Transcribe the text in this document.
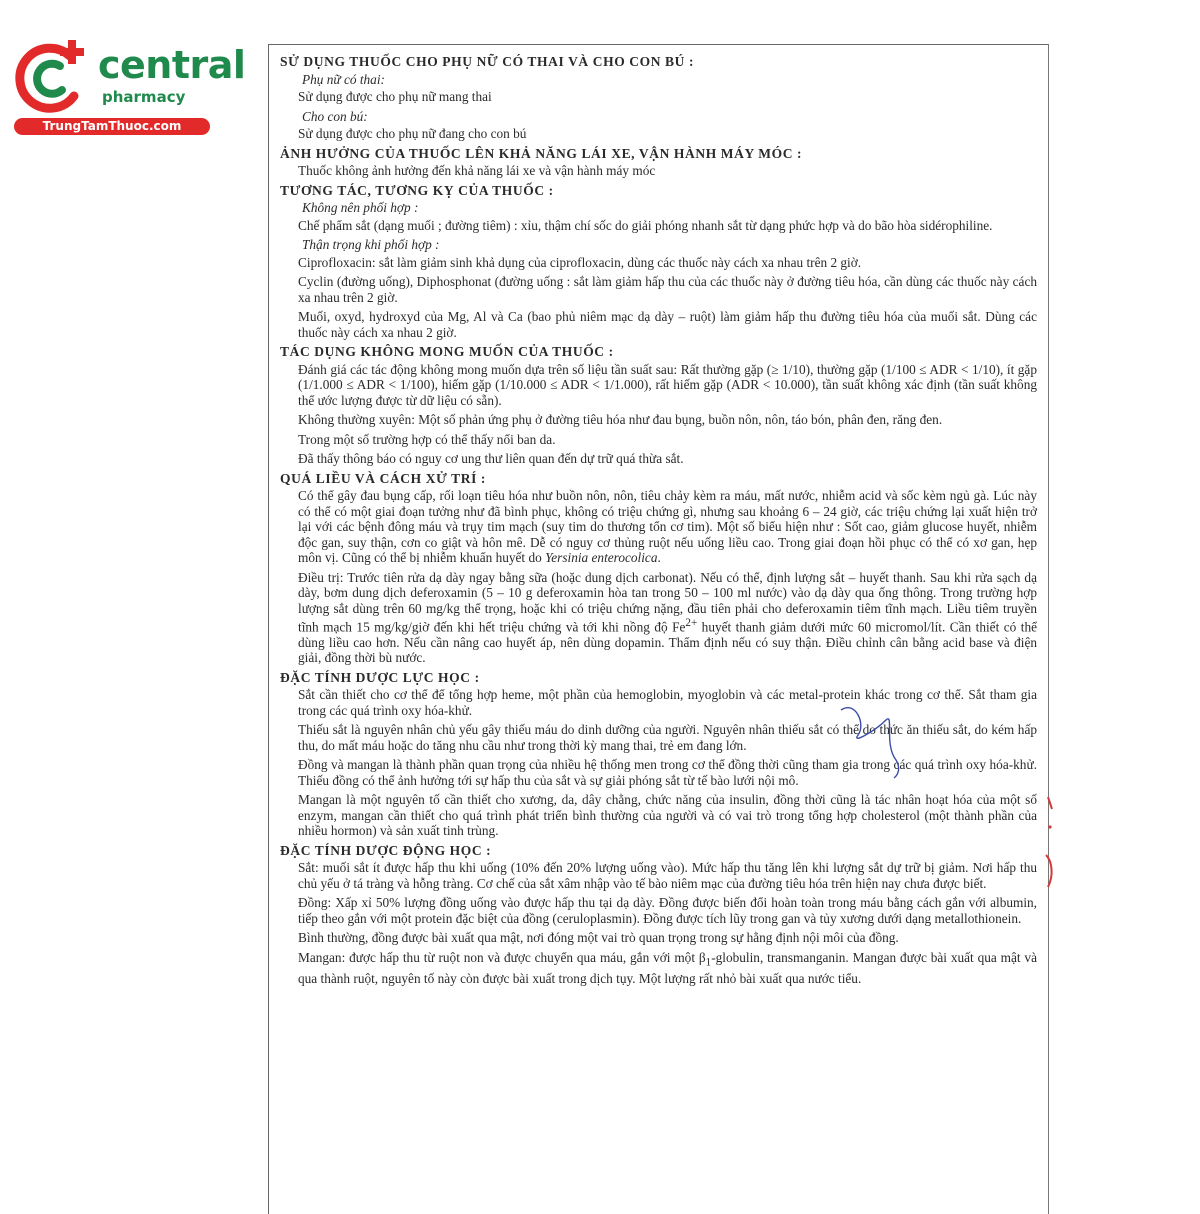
central
pharmacy
TrungTamThuoc.com
SỬ DỤNG THUỐC CHO PHỤ NỮ CÓ THAI VÀ CHO CON BÚ :
Phụ nữ có thai:
Sử dụng được cho phụ nữ mang thai
Cho con bú:
Sử dụng được cho phụ nữ đang cho con bú
ẢNH HƯỞNG CỦA THUỐC LÊN KHẢ NĂNG LÁI XE, VẬN HÀNH MÁY MÓC :
Thuốc không ảnh hưởng đến khả năng lái xe và vận hành máy móc
TƯƠNG TÁC, TƯƠNG KỴ CỦA THUỐC :
Không nên phối hợp :
Chế phẩm sắt (dạng muối ; đường tiêm) : xỉu, thậm chí sốc do giải phóng nhanh sắt từ dạng phức hợp và do bão hòa sidérophiline.
Thận trọng khi phối hợp :
Ciprofloxacin: sắt làm giảm sinh khả dụng của ciprofloxacin, dùng các thuốc này cách xa nhau trên 2 giờ.
Cyclin (đường uống), Diphosphonat (đường uống : sắt làm giảm hấp thu của các thuốc này ở đường tiêu hóa, cần dùng các thuốc này cách xa nhau trên 2 giờ.
Muối, oxyd, hydroxyd của Mg, Al và Ca (bao phủ niêm mạc dạ dày – ruột) làm giảm hấp thu đường tiêu hóa của muối sắt. Dùng các thuốc này cách xa nhau 2 giờ.
TÁC DỤNG KHÔNG MONG MUỐN CỦA THUỐC :
Đánh giá các tác động không mong muốn dựa trên số liệu tần suất sau: Rất thường gặp (≥ 1/10), thường gặp (1/100 ≤ ADR < 1/10), ít gặp (1/1.000 ≤ ADR < 1/100), hiếm gặp (1/10.000 ≤ ADR < 1/1.000), rất hiếm gặp (ADR < 10.000), tần suất không xác định (tần suất không thể ước lượng được từ dữ liệu có sẵn).
Không thường xuyên: Một số phản ứng phụ ở đường tiêu hóa như đau bụng, buồn nôn, nôn, táo bón, phân đen, răng đen.
Trong một số trường hợp có thể thấy nổi ban da.
Đã thấy thông báo có nguy cơ ung thư liên quan đến dự trữ quá thừa sắt.
QUÁ LIỀU VÀ CÁCH XỬ TRÍ :
Có thể gây đau bụng cấp, rối loạn tiêu hóa như buồn nôn, nôn, tiêu chảy kèm ra máu, mất nước, nhiễm acid và sốc kèm ngủ gà. Lúc này có thể có một giai đoạn tưởng như đã bình phục, không có triệu chứng gì, nhưng sau khoảng 6 – 24 giờ, các triệu chứng lại xuất hiện trở lại với các bệnh đông máu và trụy tim mạch (suy tim do thương tổn cơ tim). Một số biểu hiện như : Sốt cao, giảm glucose huyết, nhiễm độc gan, suy thận, cơn co giật và hôn mê. Dễ có nguy cơ thủng ruột nếu uống liều cao. Trong giai đoạn hồi phục có thể có xơ gan, hẹp môn vị. Cũng có thể bị nhiễm khuẩn huyết do Yersinia enterocolica.
Điều trị: Trước tiên rửa dạ dày ngay bằng sữa (hoặc dung dịch carbonat). Nếu có thể, định lượng sắt – huyết thanh. Sau khi rửa sạch dạ dày, bơm dung dịch deferoxamin (5 – 10 g deferoxamin hòa tan trong 50 – 100 ml nước) vào dạ dày qua ống thông. Trong trường hợp lượng sắt dùng trên 60 mg/kg thể trọng, hoặc khi có triệu chứng nặng, đầu tiên phải cho deferoxamin tiêm tĩnh mạch. Liều tiêm truyền tĩnh mạch 15 mg/kg/giờ đến khi hết triệu chứng và tới khi nồng độ $Fe^{2+}$ huyết thanh giảm dưới mức 60 micromol/lít. Cần thiết có thể dùng liều cao hơn. Nếu cần nâng cao huyết áp, nên dùng dopamin. Thẩm định nếu có suy thận. Điều chỉnh cân bằng acid base và điện giải, đồng thời bù nước.
ĐẶC TÍNH DƯỢC LỰC HỌC :
Sắt cần thiết cho cơ thể để tổng hợp heme, một phần của hemoglobin, myoglobin và các metal-protein khác trong cơ thể. Sắt tham gia trong các quá trình oxy hóa-khử.
Thiếu sắt là nguyên nhân chủ yếu gây thiếu máu do dinh dưỡng của người. Nguyên nhân thiếu sắt có thể do thức ăn thiếu sắt, do kém hấp thu, do mất máu hoặc do tăng nhu cầu như trong thời kỳ mang thai, trẻ em đang lớn.
Đồng và mangan là thành phần quan trọng của nhiều hệ thống men trong cơ thể đồng thời cũng tham gia trong các quá trình oxy hóa-khử. Thiếu đồng có thể ảnh hưởng tới sự hấp thu của sắt và sự giải phóng sắt từ tế bào lưới nội mô.
Mangan là một nguyên tố cần thiết cho xương, da, dây chằng, chức năng của insulin, đồng thời cũng là tác nhân hoạt hóa của một số enzym, mangan cần thiết cho quá trình phát triển bình thường của người và có vai trò trong tổng hợp cholesterol (một thành phần của nhiều hormon) và sản xuất tinh trùng.
ĐẶC TÍNH DƯỢC ĐỘNG HỌC :
Sắt: muối sắt ít được hấp thu khi uống (10% đến 20% lượng uống vào). Mức hấp thu tăng lên khi lượng sắt dự trữ bị giảm. Nơi hấp thu chủ yếu ở tá tràng và hỗng tràng. Cơ chế của sắt xâm nhập vào tế bào niêm mạc của đường tiêu hóa trên hiện nay chưa được biết.
Đồng: Xấp xỉ 50% lượng đồng uống vào được hấp thu tại dạ dày. Đồng được biến đổi hoàn toàn trong máu bằng cách gắn với albumin, tiếp theo gắn với một protein đặc biệt của đồng (ceruloplasmin). Đồng được tích lũy trong gan và tủy xương dưới dạng metallothionein.
Bình thường, đồng được bài xuất qua mật, nơi đóng một vai trò quan trọng trong sự hằng định nội môi của đồng.
Mangan: được hấp thu từ ruột non và được chuyển qua máu, gắn với một $\beta_1$-globulin, transmanganin. Mangan được bài xuất qua mật và qua thành ruột, nguyên tố này còn được bài xuất trong dịch tụy. Một lượng rất nhỏ bài xuất qua nước tiểu.
